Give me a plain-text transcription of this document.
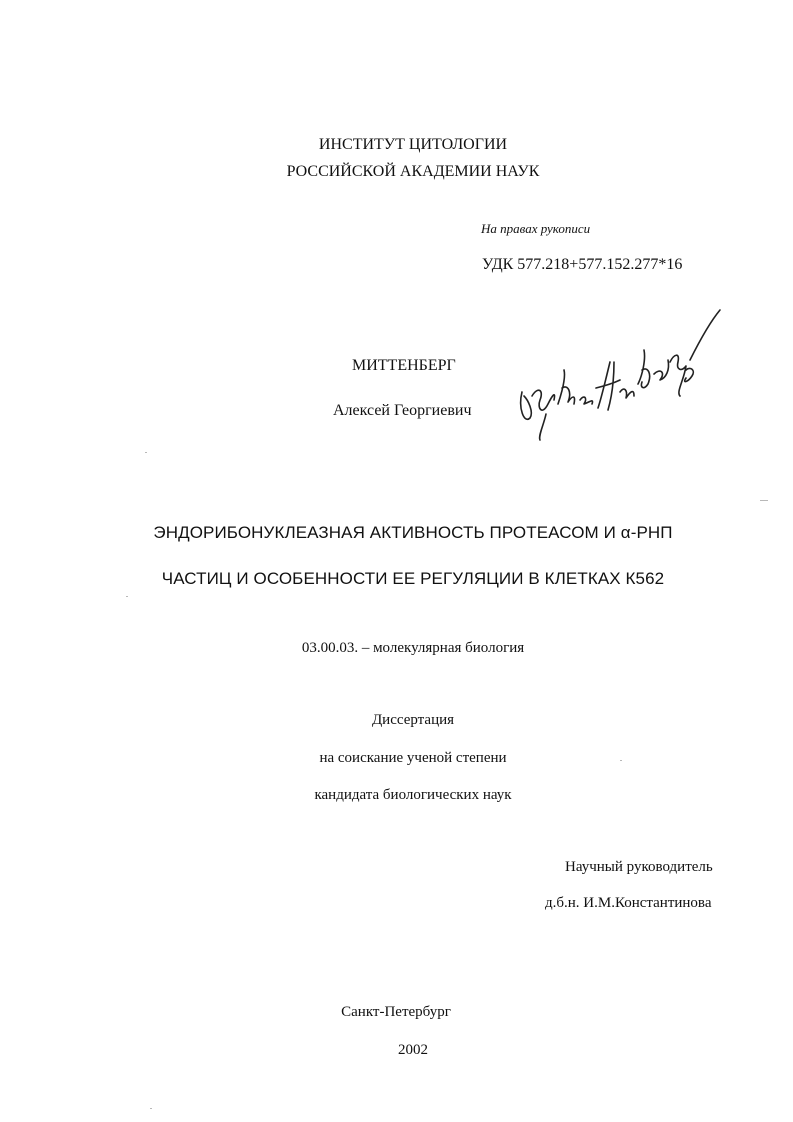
ИНСТИТУТ ЦИТОЛОГИИ
РОССИЙСКОЙ АКАДЕМИИ НАУК
На правах рукописи
УДК 577.218+577.152.277*16
МИТТЕНБЕРГ
Алексей Георгиевич
ЭНДОРИБОНУКЛЕАЗНАЯ АКТИВНОСТЬ ПРОТЕАСОМ И α-РНП
ЧАСТИЦ И ОСОБЕННОСТИ ЕЕ РЕГУЛЯЦИИ В КЛЕТКАХ К562
03.00.03. – молекулярная биология
Диссертация
на соискание ученой степени
кандидата биологических наук
Научный руководитель
д.б.н. И.М.Константинова
Санкт-Петербург
2002
